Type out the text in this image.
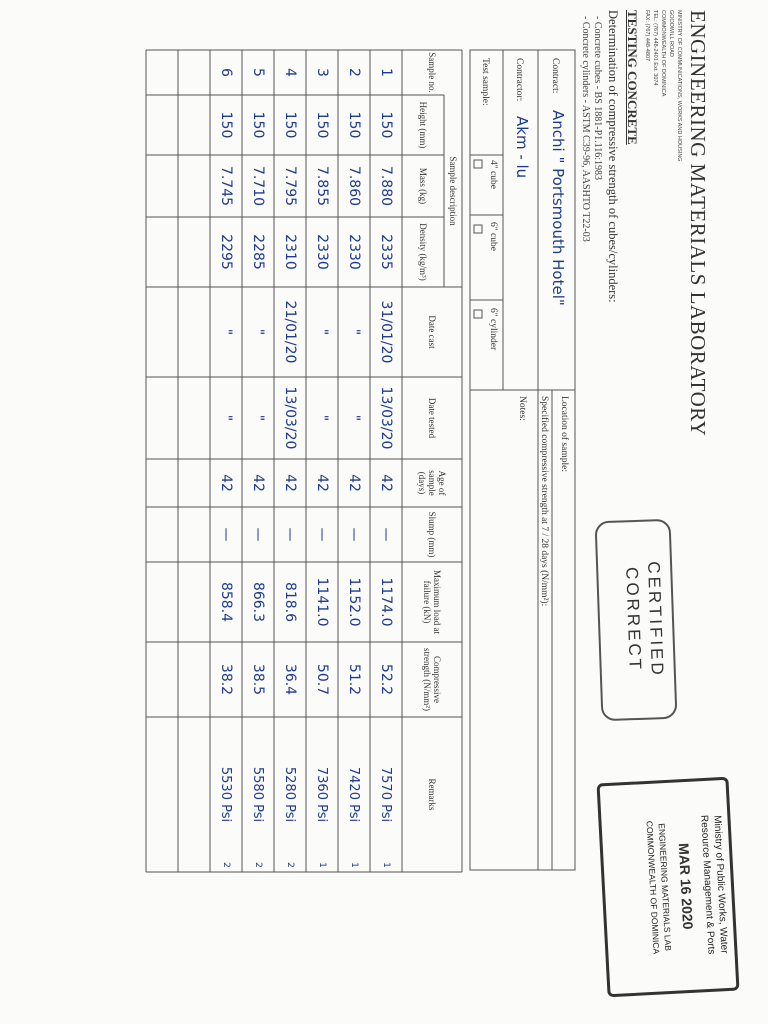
ENGINEERING MATERIALS LABORATORY
MINISTRY OF COMMUNICATIONS, WORKS AND HOUSING
GOODWILL ROAD
COMMONWEALTH OF DOMINICA
TEL: (767) 448-2401 Ext. 3074
FAX: (767) 448-4807
TESTING CONCRETE
Determination of compressive strength of cubes/cylinders:
- Concrete cubes - BS 1881-P1.116:1983
- Concrete cylinders - ASTM C39-96, AASHTO T22-03
Contract:
Anchi " Portsmouth Hotel"
Contractor:
Akm - lu
Test sample:
4" cube
6" cube
6" cylinder
Location of sample:
Specified compressive strength at 7 / 28 days (N/mm²):
Notes:
Sample description
Sample no.
Height (mm)
Mass (kg)
Density (kg/m³)
Date cast
Date tested
Age of sample (days)
Slump (mm)
Maximum load at failure (kN)
Compressive strength (N/mm²)
Remarks
1
150
7.880
2335
31/01/20
13/03/20
42
—
1174.0
52.2
7570 Psi
1
2
150
7.860
2330
"
"
42
—
1152.0
51.2
7420 Psi
1
3
150
7.855
2330
"
"
42
—
1141.0
50.7
7360 Psi
1
4
150
7.795
2310
21/01/20
13/03/20
42
—
818.6
36.4
5280 Psi
2
5
150
7.710
2285
"
"
42
—
866.3
38.5
5580 Psi
2
6
150
7.745
2295
"
"
42
—
858.4
38.2
5530 Psi
2
CERTIFIED
CORRECT
Ministry of Public Works, Water
Resource Management & Ports
MAR 16 2020
ENGINEERING MATERIALS LAB
COMMONWEALTH OF DOMINICA
